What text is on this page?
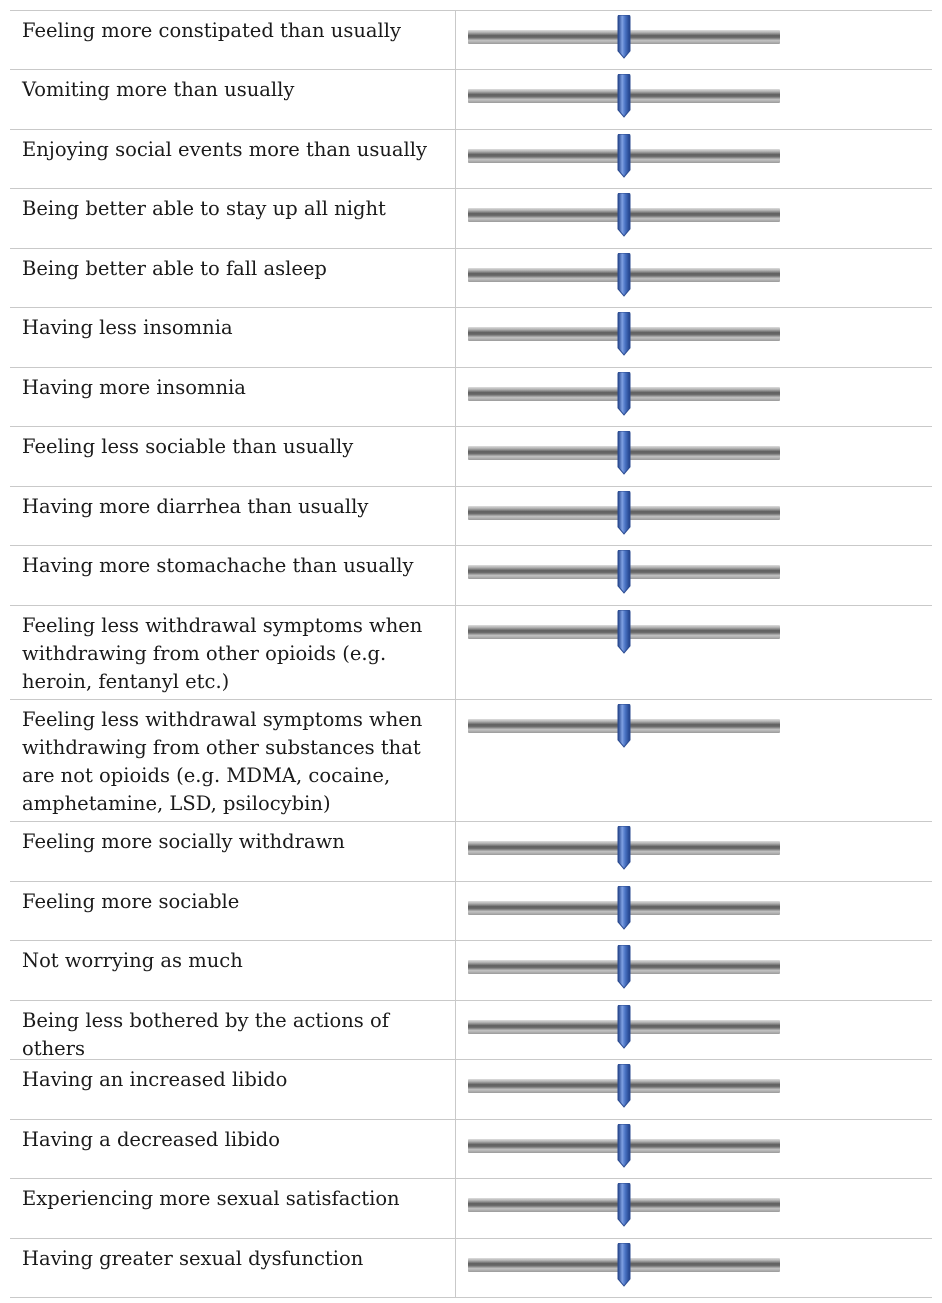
Feeling more constipated than usually
Vomiting more than usually
Enjoying social events more than usually
Being better able to stay up all night
Being better able to fall asleep
Having less insomnia
Having more insomnia
Feeling less sociable than usually
Having more diarrhea than usually
Having more stomachache than usually
Feeling less withdrawal symptoms when withdrawing from other opioids (e.g. heroin, fentanyl etc.)
Feeling less withdrawal symptoms when withdrawing from other substances that are not opioids (e.g. MDMA, cocaine, amphetamine, LSD, psilocybin)
Feeling more socially withdrawn
Feeling more sociable
Not worrying as much
Being less bothered by the actions of others
Having an increased libido
Having a decreased libido
Experiencing more sexual satisfaction
Having greater sexual dysfunction
